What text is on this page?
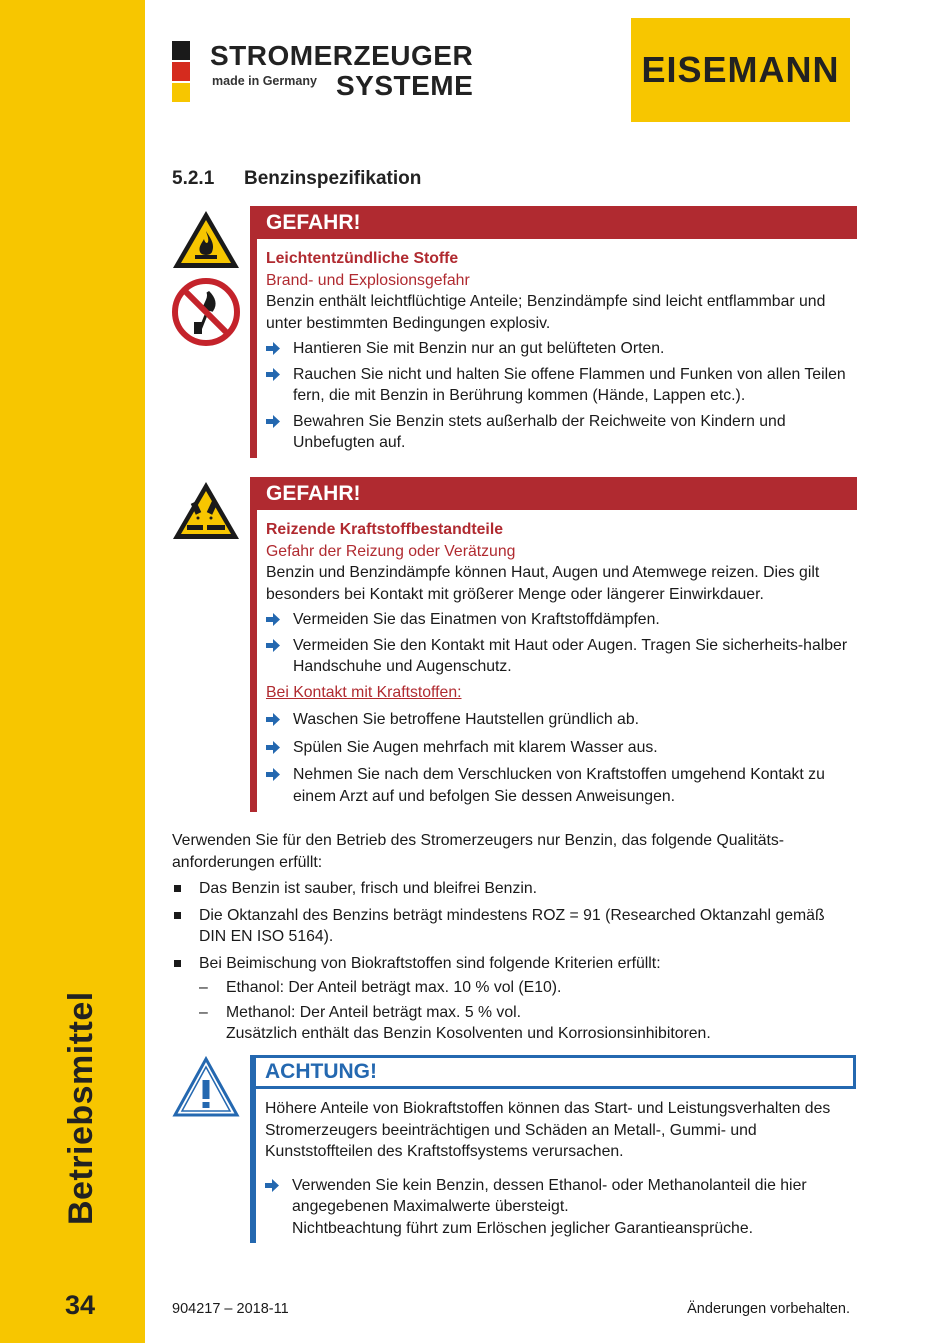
Betriebsmittel
34
STROMERZEUGER
made in Germany SYSTEME	EISEMANN
5.2.1 Benzinspezifikation
GEFAHR!
Leichtentzündliche Stoffe
Brand- und Explosionsgefahr
Benzin enthält leichtflüchtige Anteile; Benzindämpfe sind leicht entflammbar und unter bestimmten Bedingungen explosiv.
Hantieren Sie mit Benzin nur an gut belüfteten Orten.
Rauchen Sie nicht und halten Sie offene Flammen und Funken von allen Teilen fern, die mit Benzin in Berührung kommen (Hände, Lappen etc.).
Bewahren Sie Benzin stets außerhalb der Reichweite von Kindern und Unbefugten auf.
GEFAHR!
Reizende Kraftstoffbestandteile
Gefahr der Reizung oder Verätzung
Benzin und Benzindämpfe können Haut, Augen und Atemwege reizen. Dies gilt besonders bei Kontakt mit größerer Menge oder längerer Einwirkdauer.
Vermeiden Sie das Einatmen von Kraftstoffdämpfen.
Vermeiden Sie den Kontakt mit Haut oder Augen. Tragen Sie sicherheits-halber Handschuhe und Augenschutz.
Bei Kontakt mit Kraftstoffen:
Waschen Sie betroffene Hautstellen gründlich ab.
Spülen Sie Augen mehrfach mit klarem Wasser aus.
Nehmen Sie nach dem Verschlucken von Kraftstoffen umgehend Kontakt zu einem Arzt auf und befolgen Sie dessen Anweisungen.
Verwenden Sie für den Betrieb des Stromerzeugers nur Benzin, das folgende Qualitäts-anforderungen erfüllt:
Das Benzin ist sauber, frisch und bleifrei Benzin.
Die Oktanzahl des Benzins beträgt mindestens ROZ = 91 (Researched Oktanzahl gemäß DIN EN ISO 5164).
Bei Beimischung von Biokraftstoffen sind folgende Kriterien erfüllt:
– Ethanol: Der Anteil beträgt max. 10 % vol (E10).
– Methanol: Der Anteil beträgt max. 5 % vol.
Zusätzlich enthält das Benzin Kosolventen und Korrosionsinhibitoren.
ACHTUNG!
Höhere Anteile von Biokraftstoffen können das Start- und Leistungsverhalten des Stromerzeugers beeinträchtigen und Schäden an Metall-, Gummi- und Kunststoffteilen des Kraftstoffsystems verursachen.
Verwenden Sie kein Benzin, dessen Ethanol- oder Methanolanteil die hier angegebenen Maximalwerte übersteigt.
Nichtbeachtung führt zum Erlöschen jeglicher Garantieansprüche.
904217 – 2018-11	Änderungen vorbehalten.
